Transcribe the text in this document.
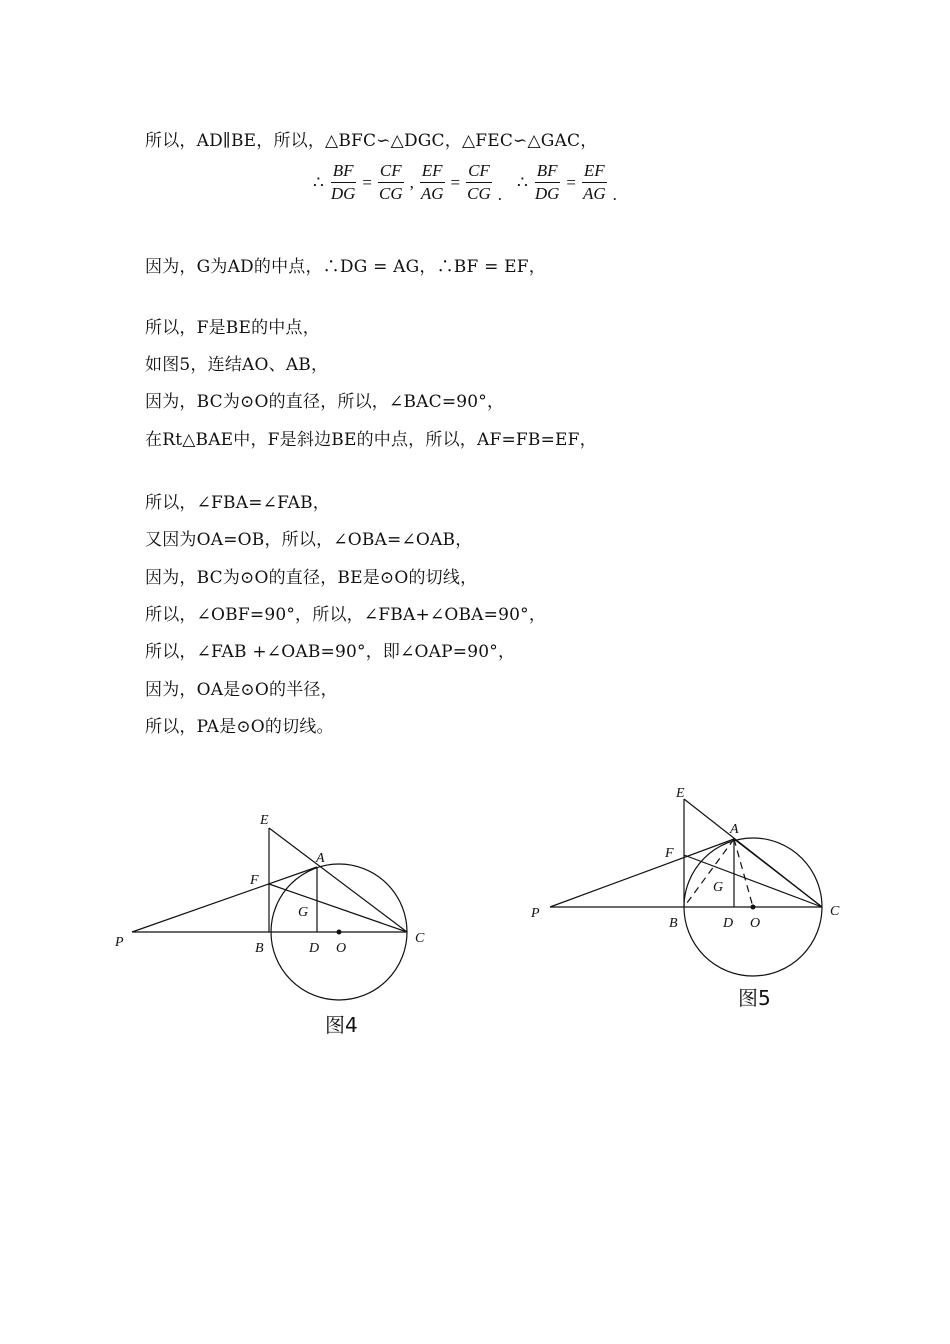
所以，AD∥BE，所以，△BFC∽△DGC，△FEC∽△GAC，
∴ $\frac{BF}{DG} = \frac{CF}{CG}$ , $\frac{EF}{AG} = \frac{CF}{CG}$ .
∴ $\frac{BF}{DG} = \frac{EF}{AG}$ .
因为，G为AD的中点，∴DG = AG，∴BF = EF，
所以，F是BE的中点，
如图5，连结AO、AB，
因为，BC为⊙O的直径，所以，∠BAC=90°，
在Rt△BAE中，F是斜边BE的中点，所以，AF=FB=EF，
所以，∠FBA=∠FAB，
又因为OA=OB，所以，∠OBA=∠OAB，
因为，BC为⊙O的直径，BE是⊙O的切线，
所以，∠OBF=90°，所以，∠FBA+∠OBA=90°，
所以，∠FAB +∠OAB=90°，即∠OAP=90°，
因为，OA是⊙O的半径，
所以，PA是⊙O的切线。
E
A
F
G
P	B	D O
C
图4
E
A
F
G
P
B	D O
C
图5
